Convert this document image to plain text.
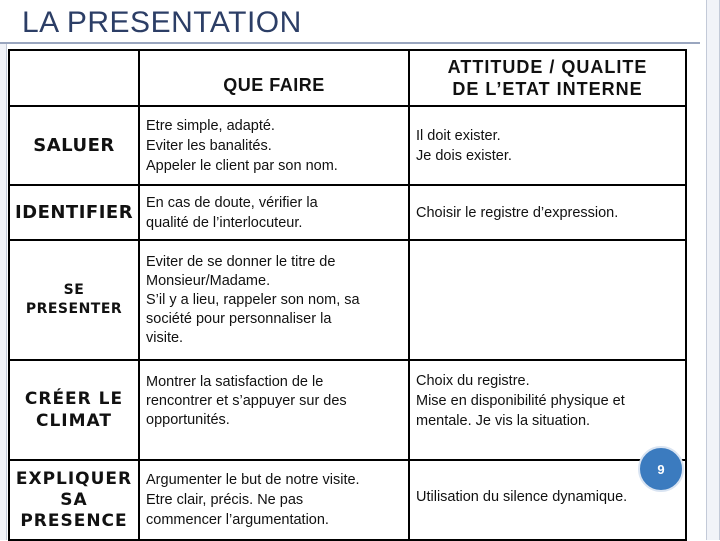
LA PRESENTATION
QUE FAIRE
ATTITUDE / QUALITE
DE L’ETAT INTERNE
SALUER
Etre simple, adapté.
Eviter les banalités.
Appeler le client par son nom.
Il doit exister.
Je dois exister.
IDENTIFIER En cas de doute, vérifier la
qualité de l’interlocuteur.
Choisir le registre d’expression.
SE
PRESENTER
Eviter de se donner le titre de
Monsieur/Madame.
S’il y a lieu, rappeler son nom, sa
société pour personnaliser la
visite.
CRÉER LE
CLIMAT
Montrer la satisfaction de le
rencontrer et s’appuyer sur des
opportunités.
Choix du registre.
Mise en disponibilité physique et
mentale. Je vis la situation.
EXPLIQUER
SA
PRESENCE
Argumenter le but de notre visite.
Etre clair, précis. Ne pas
commencer l’argumentation.
Utilisation du silence dynamique.
9
